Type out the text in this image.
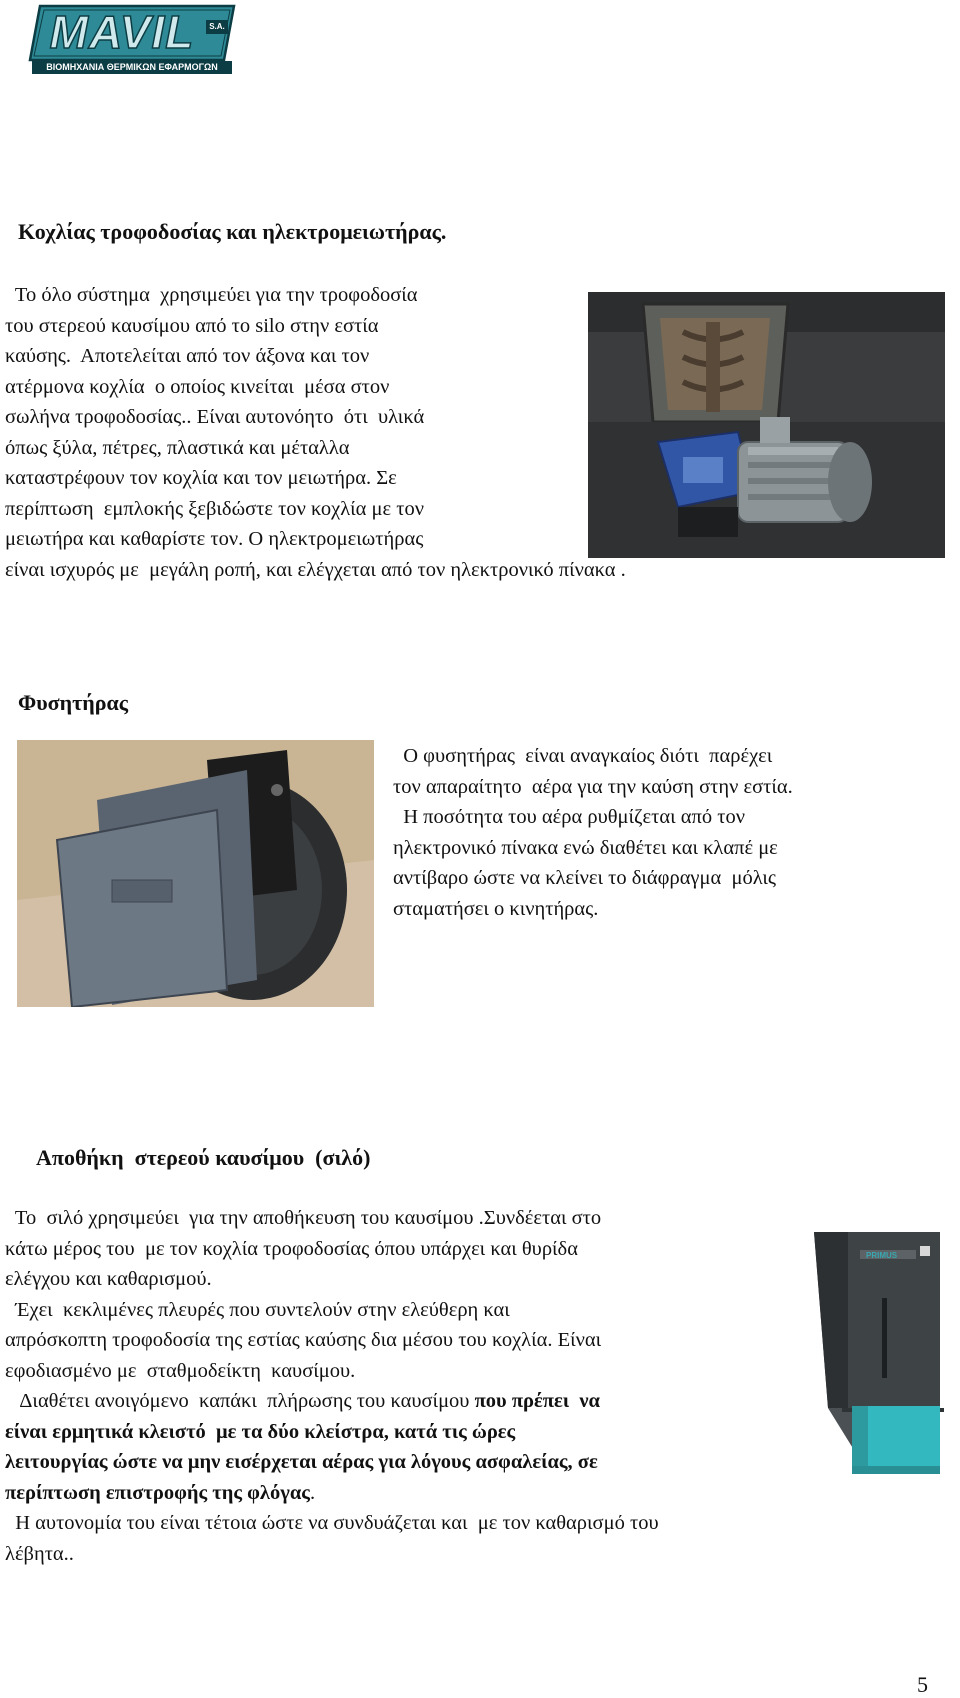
MAVIL	S.A.
ΒΙΟΜΗΧΑΝΙΑ ΘΕΡΜΙΚΩΝ ΕΦΑΡΜΟΓΩΝ
Κοχλίας τροφοδοσίας και ηλεκτρομειωτήρας.

Το όλο σύστημα  χρησιμεύει για την τροφοδοσία

του στερεού καυσίμου από το silo στην εστία

καύσης.  Αποτελείται από τον άξονα και τον

ατέρμονα κοχλία  ο οποίος κινείται  μέσα στον

σωλήνα τροφοδοσίας.. Είναι αυτονόητο  ότι  υλικά

όπως ξύλα, πέτρες, πλαστικά και μέταλλα

καταστρέφουν τον κοχλία και τον μειωτήρα. Σε

περίπτωση  εμπλοκής ξεβιδώστε τον κοχλία με τον

μειωτήρα και καθαρίστε τον. Ο ηλεκτρομειωτήρας

είναι ισχυρός με  μεγάλη ροπή, και ελέγχεται από τον ηλεκτρονικό πίνακα .

Φυσητήρας

Ο φυσητήρας  είναι αναγκαίος διότι  παρέχει

τον απαραίτητο  αέρα για την καύση στην εστία.

Η ποσότητα του αέρα ρυθμίζεται από τον

ηλεκτρονικό πίνακα ενώ διαθέτει και κλαπέ με

αντίβαρο ώστε να κλείνει το διάφραγμα  μόλις

σταματήσει ο κινητήρας.

Αποθήκη  στερεού καυσίμου  (σιλό)

Το  σιλό χρησιμεύει  για την αποθήκευση του καυσίμου .Συνδέεται στο

κάτω μέρος του  με τον κοχλία τροφοδοσίας όπου υπάρχει και θυρίδα

ελέγχου και καθαρισμού.

Έχει  κεκλιμένες πλευρές που συντελούν στην ελεύθερη και

απρόσκοπτη τροφοδοσία της εστίας καύσης δια μέσου του κοχλία. Είναι

εφοδιασμένο με  σταθμοδείκτη  καυσίμου.

Διαθέτει ανοιγόμενο  καπάκι  πλήρωσης του καυσίμου που πρέπει  να

είναι ερμητικά κλειστό  με τα δύο κλείστρα, κατά τις ώρες

λειτουργίας ώστε να μην εισέρχεται αέρας για λόγους ασφαλείας, σε

περίπτωση επιστροφής της φλόγας.

Η αυτονομία του είναι τέτοια ώστε να συνδυάζεται και  με τον καθαρισμό του

λέβητα..

PRIMUS
5
